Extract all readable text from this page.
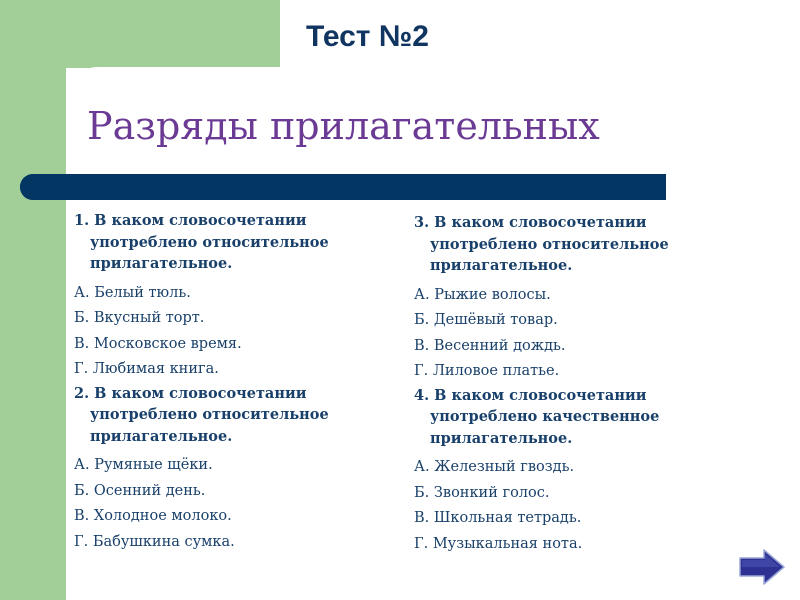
Тест №2
Разряды прилагательных

1. В каком словосочетании употреблено относительное прилагательное.

А. Белый тюль.

Б. Вкусный торт.

В. Московское время.

Г. Любимая книга.

2. В каком словосочетании употреблено относительное прилагательное.

А. Румяные щёки.

Б. Осенний день.

В. Холодное молоко.

Г. Бабушкина сумка.

3. В каком словосочетании употреблено относительное прилагательное.

А. Рыжие волосы.

Б. Дешёвый товар.

В. Весенний дождь.

Г. Лиловое платье.

4. В каком словосочетании употреблено качественное прилагательное.

А. Железный гвоздь.

Б. Звонкий голос.

В. Школьная тетрадь.

Г. Музыкальная нота.
